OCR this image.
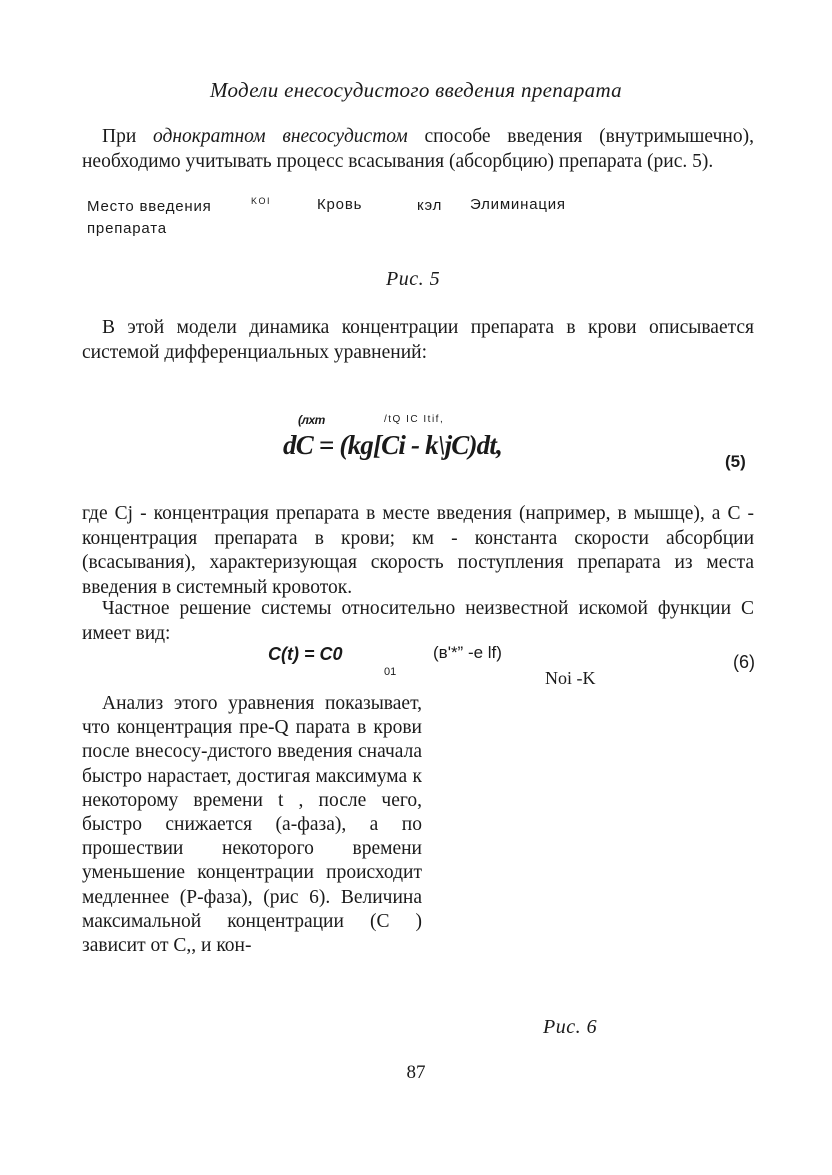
Модели енесосудистого введения препарата
При однократном внесосудистом способе введения (внутримышечно), необходимо учитывать процесс всасывания (абсорбцию) препарата (рис. 5).
Место введения
препарата
KOI	Кровь	кэл Элиминация
Рис. 5
В этой модели динамика концентрации препарата в крови описывается системой дифференциальных уравнений:
(лхт	/tQ IC Itif,
dC = (kg[Ci - k\jC)dt,
(5)
где Cj - концентрация препарата в месте введения (например, в мышце), а С - концентрация препарата в крови; км - константа скорости абсорбции (всасывания), характеризующая скорость поступления препарата из места введения в системный кровоток.
Частное решение системы относительно неизвестной искомой функции С имеет вид:
C(t) = C0
01
(в'*” -e lf)
Noi -K
(6)
Анализ этого уравнения показывает, что концентрация пре-Q парата в крови после внесосу-дистого введения сначала быстро нарастает, достигая максимума к некоторому времени t , после чего, быстро снижается (а-фаза), а по прошествии некоторого времени уменьшение концентрации происходит медленнее (Р-фаза), (рис 6). Величина максимальной концентрации (С ) зависит от С,, и кон-
Рис. 6
87
